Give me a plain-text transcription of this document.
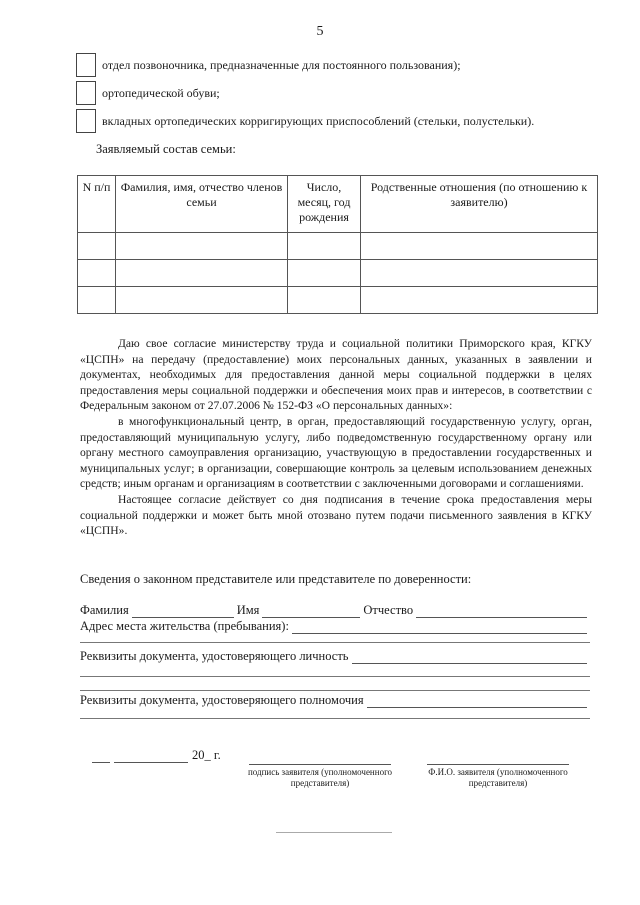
5
отдел позвоночника, предназначенные для постоянного пользования);
ортопедической обуви;
вкладных ортопедических корригирующих приспособлений (стельки, полустельки).
Заявляемый состав семьи:
N п/п	Фамилия, имя, отчество членов семьи	Число, месяц, год рождения	Родственные отношения (по отношению к заявителю)

Даю свое согласие министерству труда и социальной политики Приморского края, КГКУ «ЦСПН» на передачу (предоставление) моих персональных данных, указанных в заявлении и документах, необходимых для предоставления данной меры социальной поддержки в целях предоставления меры социальной поддержки и обеспечения моих прав и интересов, в соответствии с Федеральным законом от 27.07.2006 № 152-ФЗ «О персональных данных»:

в многофункциональный центр, в орган, предоставляющий государственную услугу, орган, предоставляющий муниципальную услугу, либо подведомственную государственному органу или органу местного самоуправления организацию, участвующую в предоставлении государственных и муниципальных услуг; в организации, совершающие контроль за целевым использованием денежных средств; иным органам и организациям в соответствии с заключенными договорами и соглашениями.

Настоящее согласие действует со дня подписания в течение срока предоставления меры социальной поддержки и может быть мной отозвано путем подачи письменного заявления в КГКУ «ЦСПН».

Сведения о законном представителе или представителе по доверенности:
Фамилия	Имя	Отчество
Адрес места жительства (пребывания):
Реквизиты документа, удостоверяющего личность
Реквизиты документа, удостоверяющего полномочия
20_ г.
подпись заявителя (уполномоченного представителя)
Ф.И.О. заявителя (уполномоченного представителя)
